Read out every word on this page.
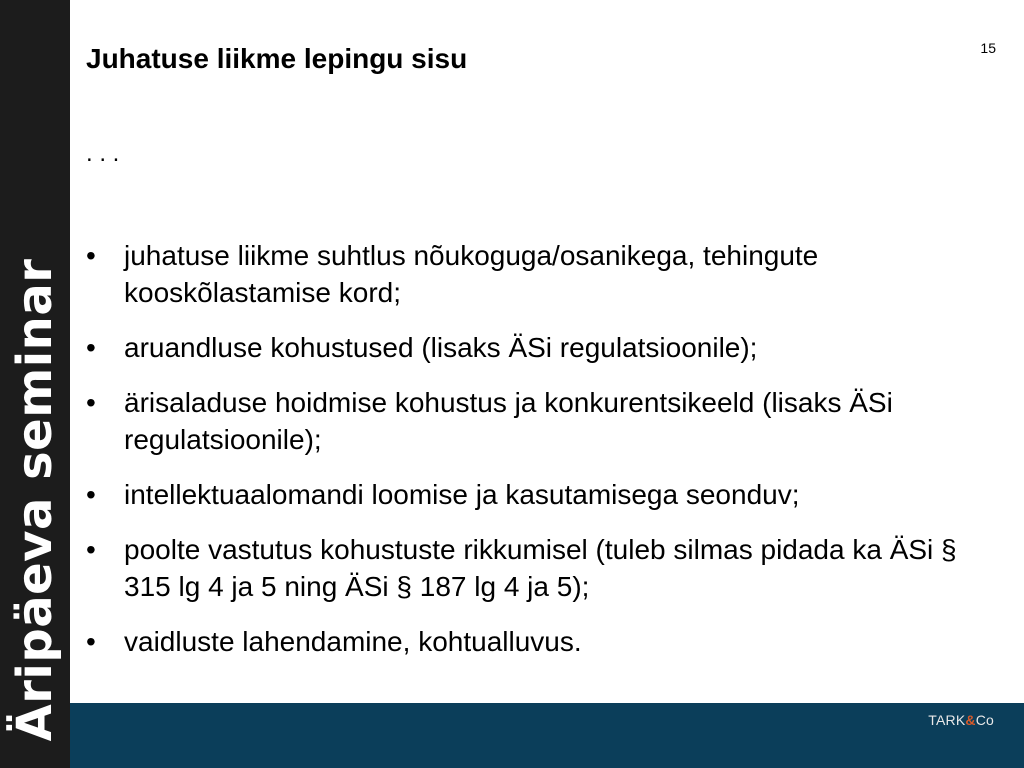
Äripäeva seminar
15
Juhatuse liikme lepingu sisu
. . .
• juhatuse liikme suhtlus nõukoguga/osanikega, tehingute kooskõlastamise kord;
• aruandluse kohustused (lisaks ÄSi regulatsioonile);
• ärisaladuse hoidmise kohustus ja konkurentsikeeld (lisaks ÄSi regulatsioonile);
• intellektuaalomandi loomise ja kasutamisega seonduv;
• poolte vastutus kohustuste rikkumisel (tuleb silmas pidada ka ÄSi § 315 lg 4 ja 5 ning ÄSi § 187 lg 4 ja 5);
• vaidluste lahendamine, kohtualluvus.
TARK&Co
